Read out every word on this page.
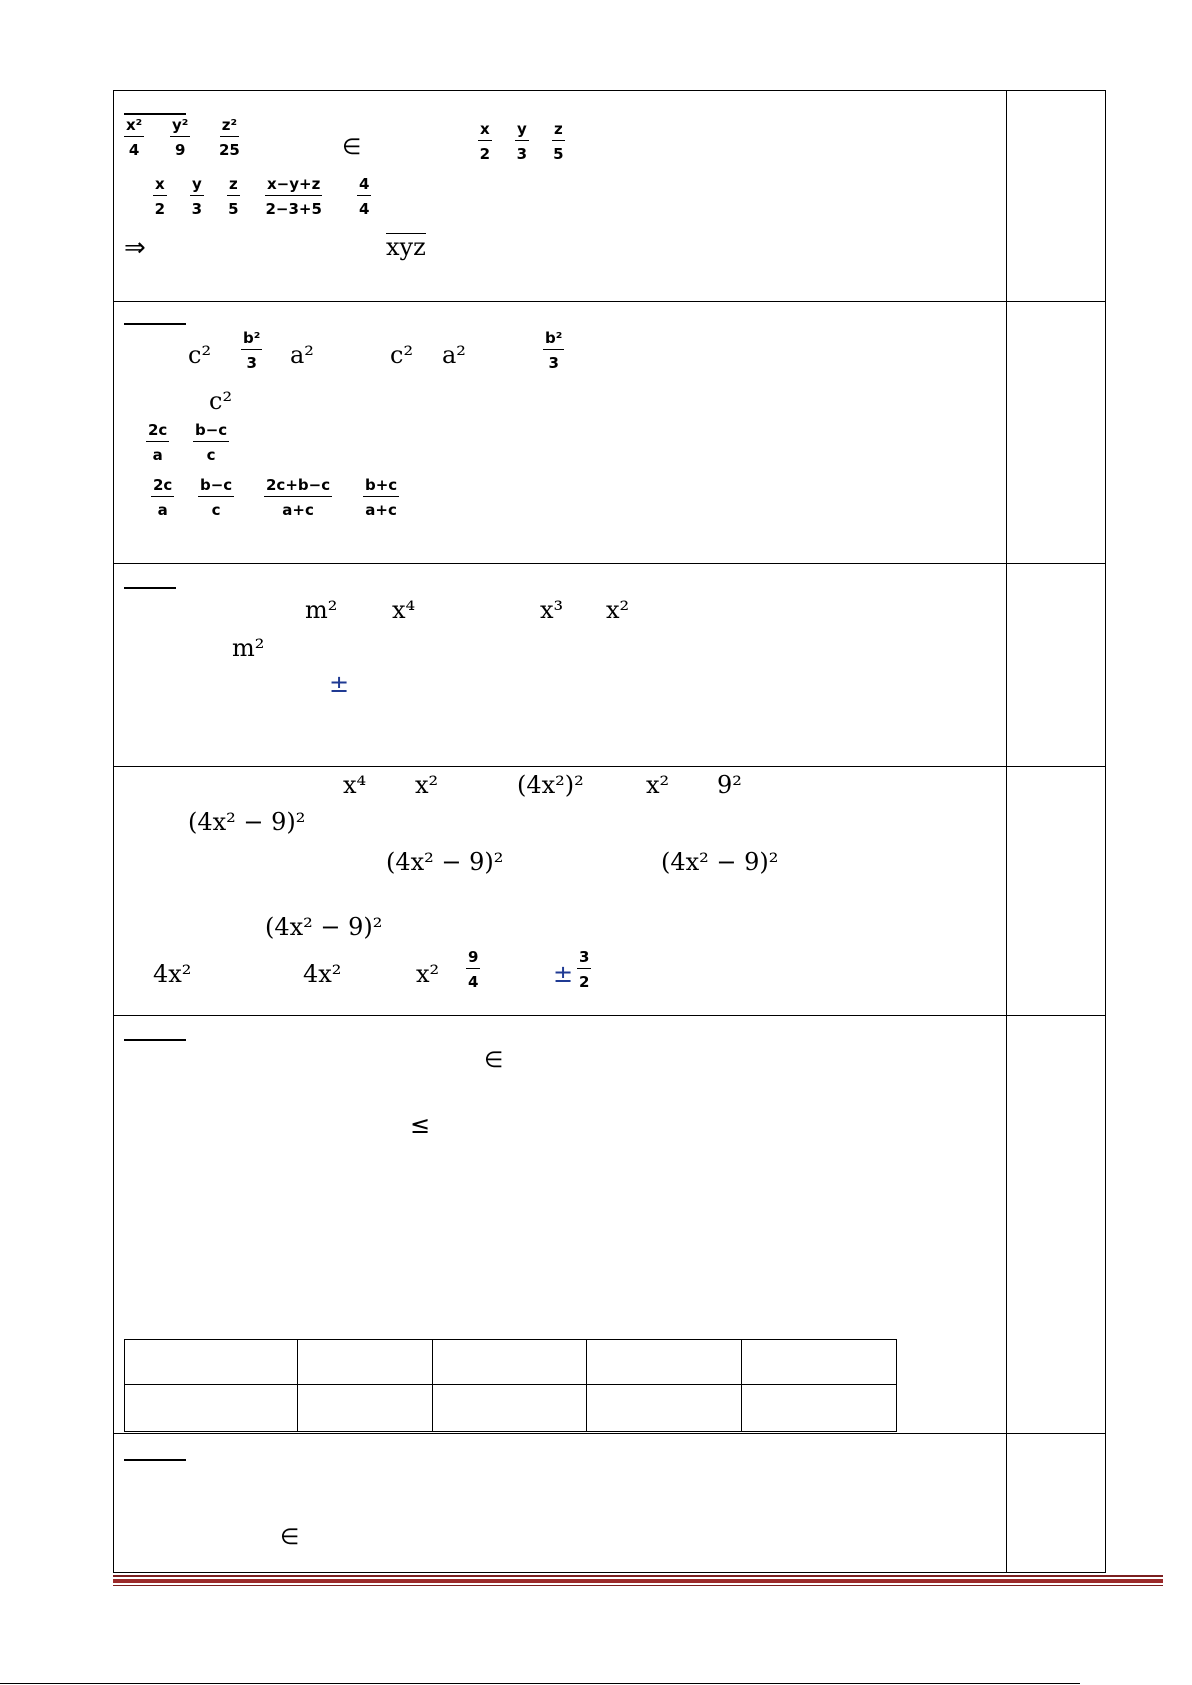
$\frac{\text{x²}}{4} \frac{\text{y²}}{9} \frac{\text{z²}}{25}$	∈	$\frac{x}{2} \frac{y}{3} \frac{z}{5}$
$\frac{x}{2} \frac{y}{3} \frac{z}{5} \frac{x-y+z}{2-3+5} \frac{4}{4}$
⇒	xyz
$c^2 \frac{\text{b²}}{3} a^2$	c² a²	$\frac{\text{b²}}{3}$
c²
$\frac{2c}{a} \frac{b-c}{c}$
$\frac{2c}{a} \frac{b-c}{c} \frac{2c+b-c}{a+c} \frac{b+c}{a+c}$
m² x⁴	x³ x²
m²
±
x⁴ x²	(4x²)²	x² 9²
(4x² − 9)²
(4x² − 9)²	(4x² − 9)²
(4x² − 9)²
4x²	4x²	$x^2 \frac{9}{4}$	± $\frac{3}{2}$
∈
≤

∈
